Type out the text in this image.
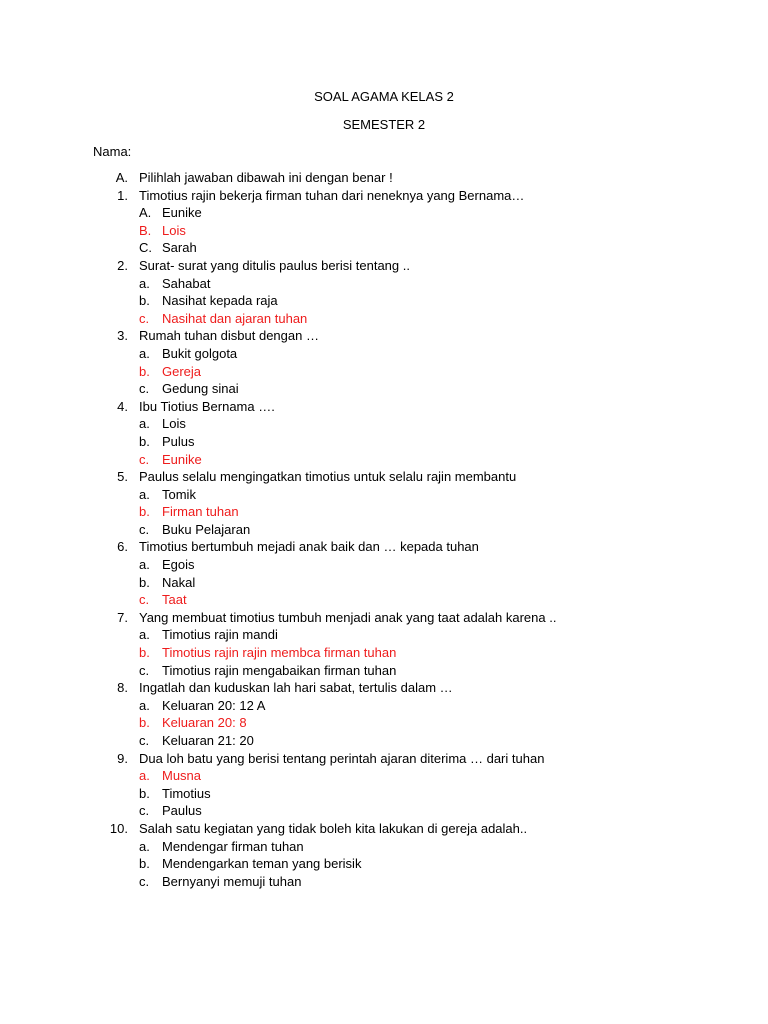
SOAL AGAMA KELAS 2
SEMESTER 2
Nama:
A. Pilihlah jawaban dibawah ini dengan benar !
1. Timotius rajin bekerja firman tuhan dari neneknya yang Bernama…
A. Eunike
B. Lois
C. Sarah
2. Surat- surat yang ditulis paulus berisi tentang ..
a. Sahabat
b. Nasihat kepada raja
c. Nasihat dan ajaran tuhan
3. Rumah tuhan disbut dengan …
a. Bukit golgota
b. Gereja
c. Gedung sinai
4. Ibu Tiotius Bernama ….
a. Lois
b. Pulus
c. Eunike
5. Paulus selalu mengingatkan timotius untuk selalu rajin membantu
a. Tomik
b. Firman tuhan
c. Buku Pelajaran
6. Timotius bertumbuh mejadi anak baik dan … kepada tuhan
a. Egois
b. Nakal
c. Taat
7. Yang membuat timotius tumbuh menjadi anak yang taat adalah karena ..
a. Timotius rajin mandi
b. Timotius rajin rajin membca firman tuhan
c. Timotius rajin mengabaikan firman tuhan
8. Ingatlah dan kuduskan lah hari sabat, tertulis dalam …
a. Keluaran 20: 12 A
b. Keluaran 20: 8
c. Keluaran 21: 20
9. Dua loh batu yang berisi tentang perintah ajaran diterima … dari tuhan
a. Musna
b. Timotius
c. Paulus
10. Salah satu kegiatan yang tidak boleh kita lakukan di gereja adalah..
a. Mendengar firman tuhan
b. Mendengarkan teman yang berisik
c. Bernyanyi memuji tuhan
